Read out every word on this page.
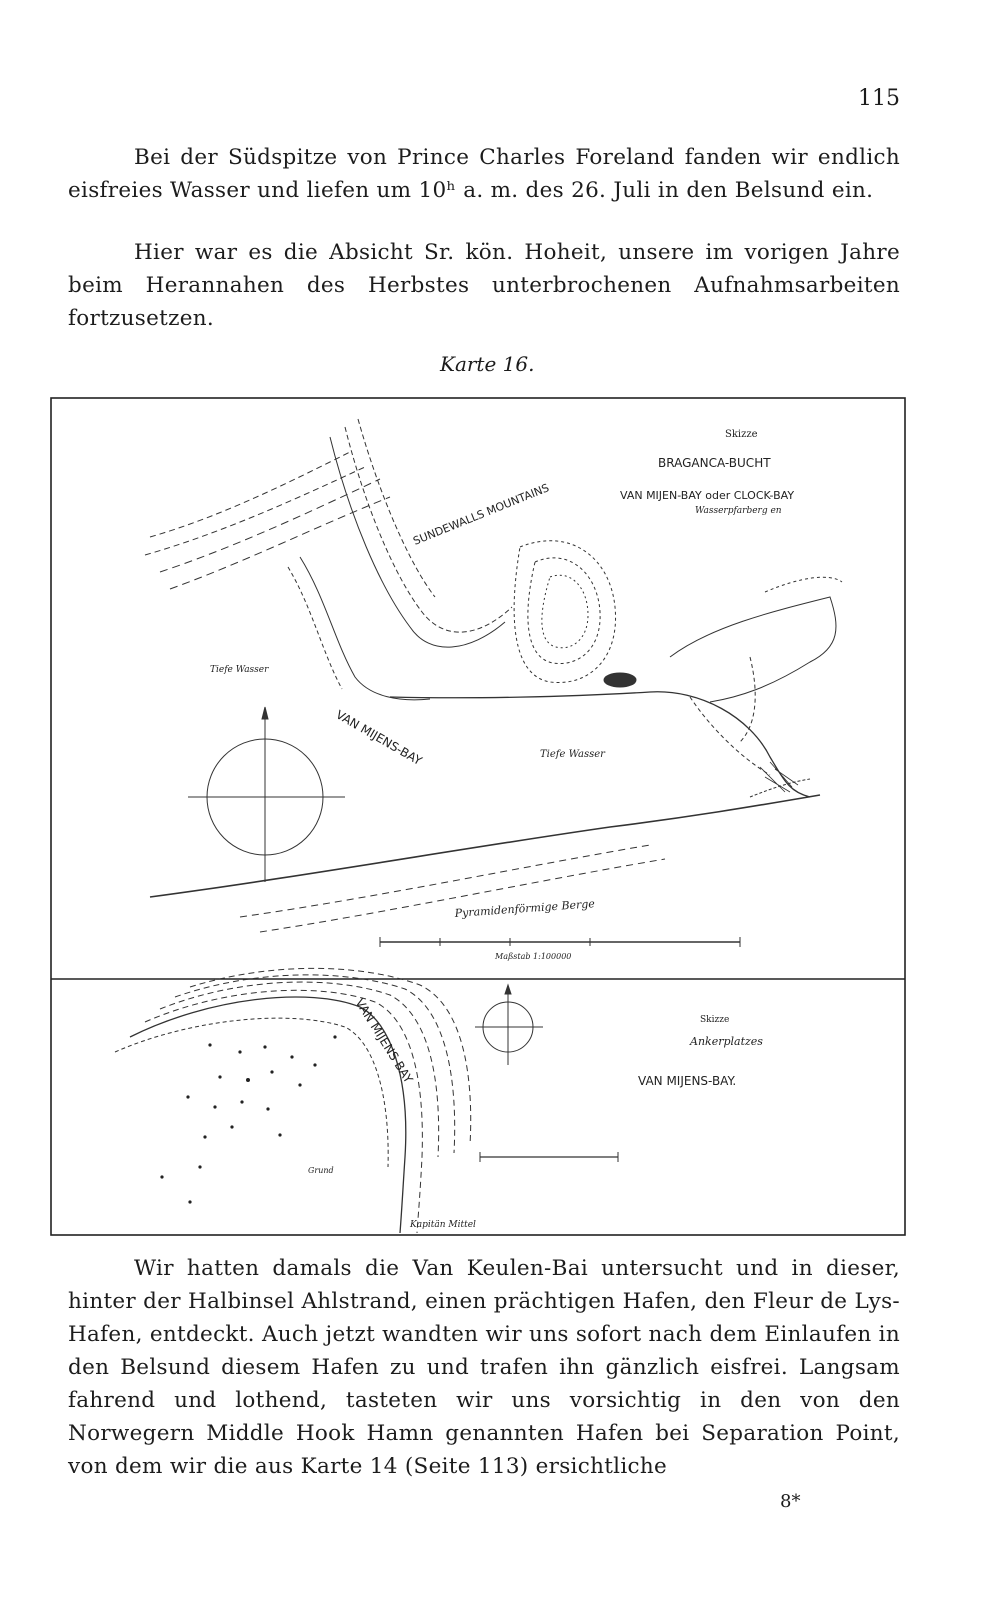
115

Bei der Südspitze von Prince Charles Foreland fanden wir endlich eisfreies Wasser und liefen um 10ʰ a. m. des 26. Juli in den Belsund ein.

Hier war es die Absicht Sr. kön. Hoheit, unsere im vorigen Jahre beim Herannahen des Herbstes unterbrochenen Aufnahmsarbeiten fortzusetzen.

Karte 16.
Skizze
BRAGANCA-BUCHT
VAN MIJEN-BAY oder CLOCK-BAY
Wasserpfarberg en
SUNDEWALLS MOUNTAINS
VAN MIJENS-BAY
Pyramidenförmige Berge
Tiefe Wasser
Tiefe Wasser
Maßstab 1:100000
Skizze
Ankerplatzes
VAN MIJENS-BAY.
VAN MIJENS BAY
Kapitän Mittel
Grund

Wir hatten damals die Van Keulen-Bai untersucht und in dieser, hinter der Halbinsel Ahlstrand, einen prächtigen Hafen, den Fleur de Lys-Hafen, entdeckt. Auch jetzt wandten wir uns sofort nach dem Einlaufen in den Belsund diesem Hafen zu und trafen ihn gänzlich eisfrei. Langsam fahrend und lothend, tasteten wir uns vorsichtig in den von den Norwegern Middle Hook Hamn genannten Hafen bei Separation Point, von dem wir die aus Karte 14 (Seite 113) ersichtliche

8*
